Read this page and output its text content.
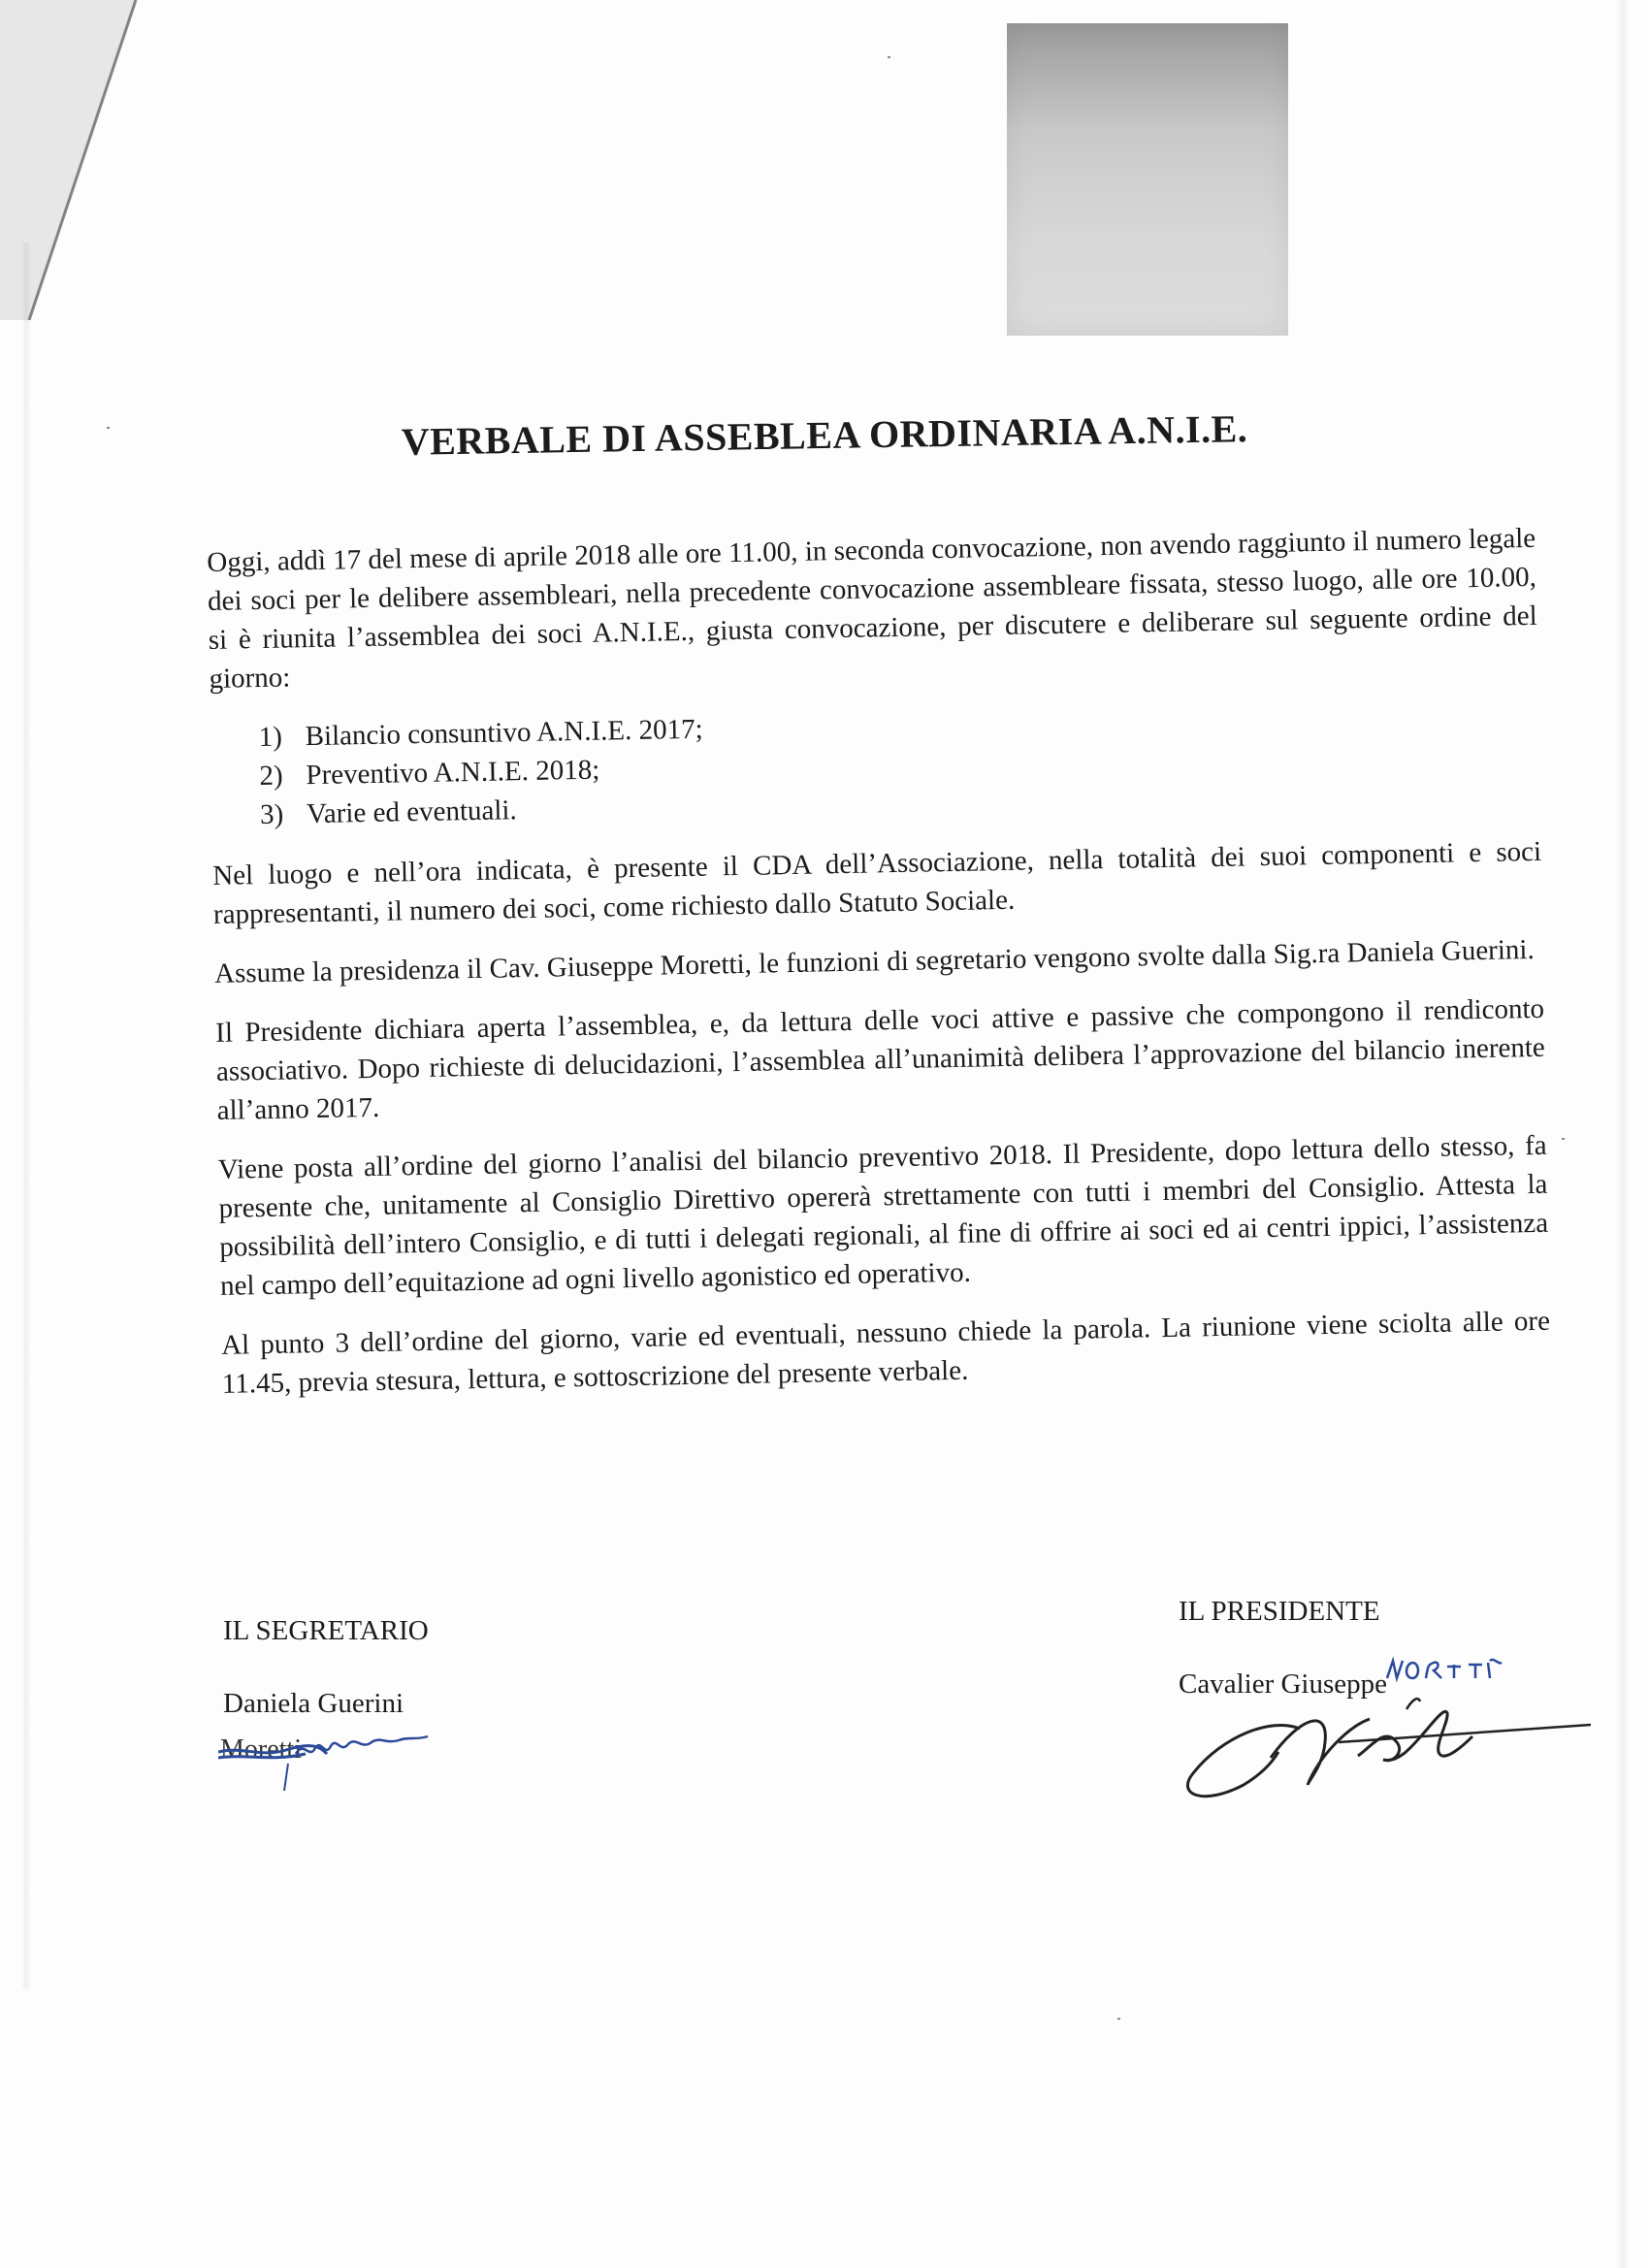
VERBALE DI ASSEBLEA ORDINARIA A.N.I.E.

Oggi, addì 17 del mese di aprile 2018 alle ore 11.00, in seconda convocazione, non avendo raggiunto il numero legale dei soci per le delibere assembleari, nella precedente convocazione assembleare fissata, stesso luogo, alle ore 10.00, si è riunita l’assemblea dei soci A.N.I.E., giusta convocazione, per discutere e deliberare sul seguente ordine del giorno:

1) Bilancio consuntivo A.N.I.E. 2017;
2) Preventivo A.N.I.E. 2018;
3) Varie ed eventuali.

Nel luogo e nell’ora indicata, è presente il CDA dell’Associazione, nella totalità dei suoi componenti e soci rappresentanti, il numero dei soci, come richiesto dallo Statuto Sociale.

Assume la presidenza il Cav. Giuseppe Moretti, le funzioni di segretario vengono svolte dalla Sig.ra Daniela Guerini.

Il Presidente dichiara aperta l’assemblea, e, da lettura delle voci attive e passive che compongono il rendiconto associativo. Dopo richieste di delucidazioni, l’assemblea all’unanimità delibera l’approvazione del bilancio inerente all’anno 2017.

Viene posta all’ordine del giorno l’analisi del bilancio preventivo 2018. Il Presidente, dopo lettura dello stesso, fa presente che, unitamente al Consiglio Direttivo opererà strettamente con tutti i membri del Consiglio. Attesta la possibilità dell’intero Consiglio, e di tutti i delegati regionali, al fine di offrire ai soci ed ai centri ippici, l’assistenza nel campo dell’equitazione ad ogni livello agonistico ed operativo.

Al punto 3 dell’ordine del giorno, varie ed eventuali, nessuno chiede la parola. La riunione viene sciolta alle ore 11.45, previa stesura, lettura, e sottoscrizione del presente verbale.

IL SEGRETARIO
Daniela Guerini
Moretti
IL PRESIDENTE
Cavalier Giuseppe
